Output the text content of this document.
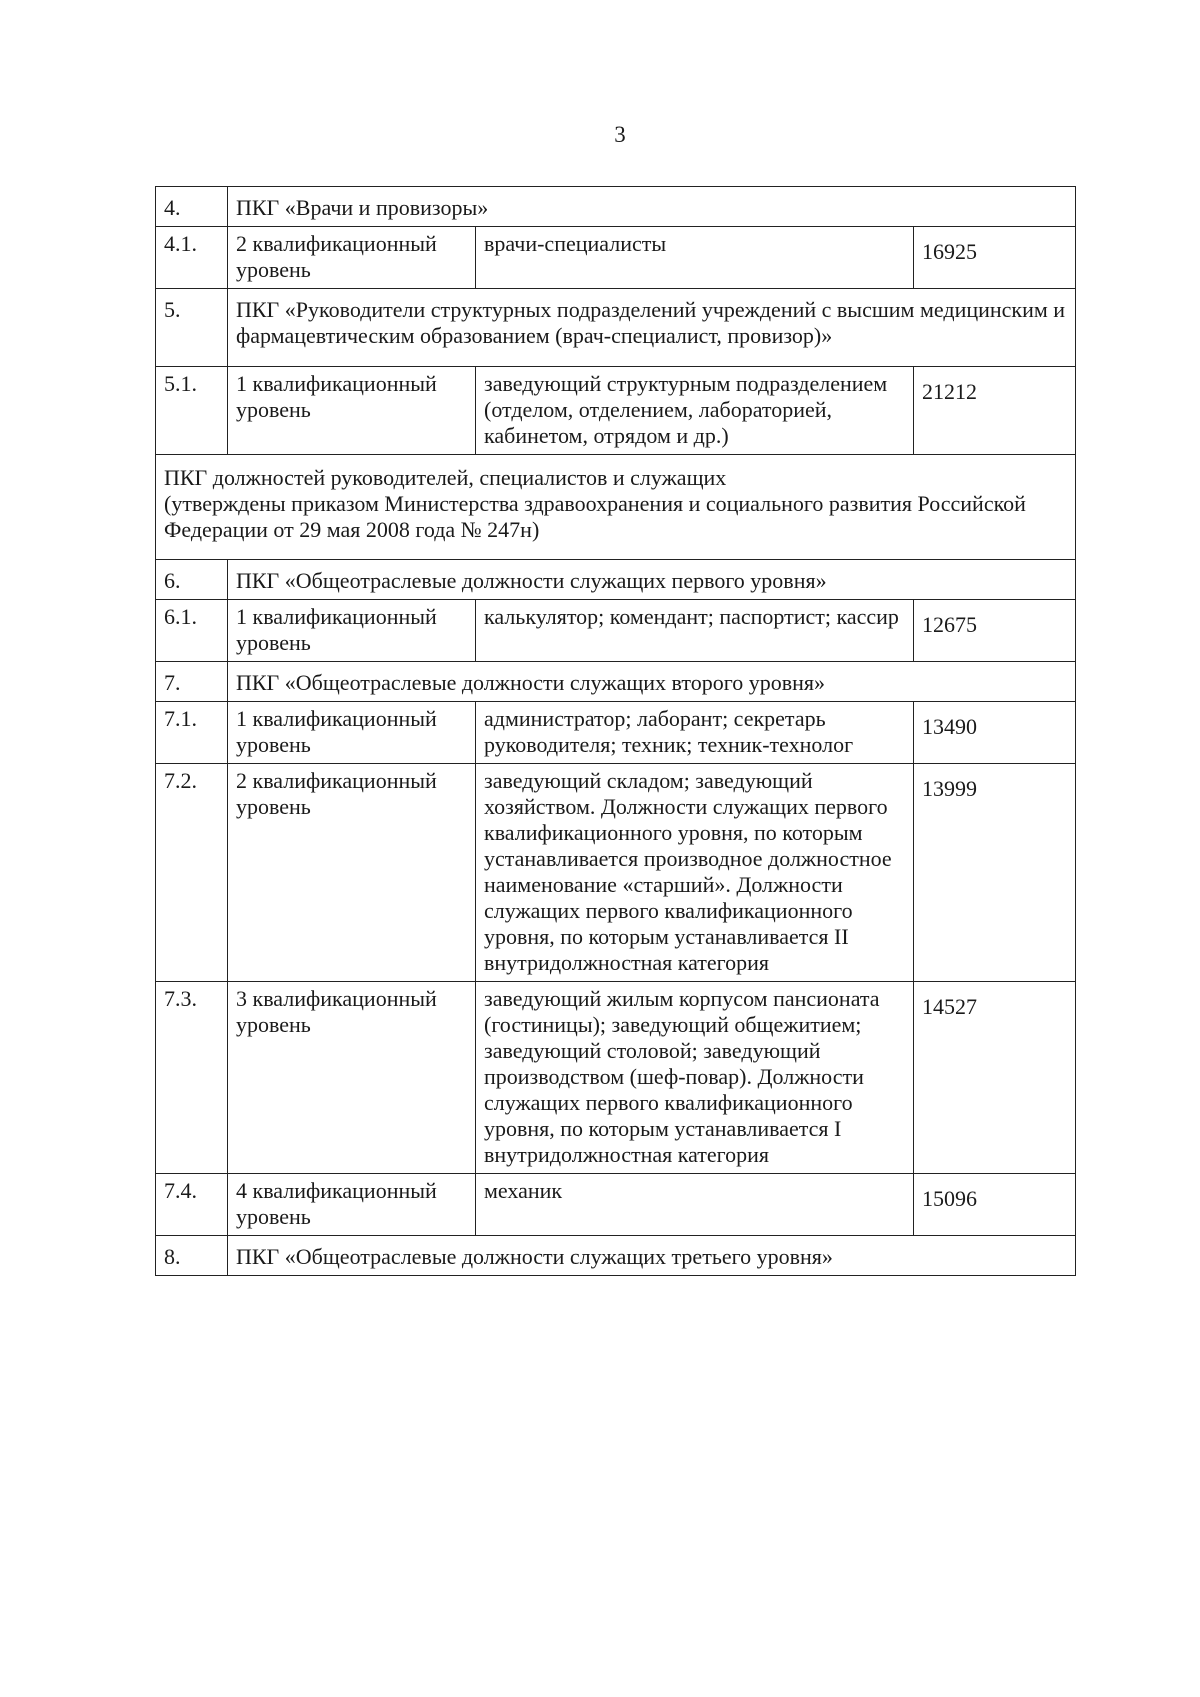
3
4.	ПКГ «Врачи и провизоры»		
4.1.	2 квалификационный уровень	врачи-специалисты	16925
5.	ПКГ «Руководители структурных подразделений учреждений с высшим медицинским и фармацевтическим образованием (врач-специалист, провизор)»		
5.1.	1 квалификационный уровень	заведующий структурным подразделением (отделом, отделением, лабораторией, кабинетом, отрядом и др.)	21212

ПКГ должностей руководителей, специалистов и служащих
(утверждены приказом Министерства здравоохранения и социального развития Российской Федерации от 29 мая 2008 года № 247н)			

6.	ПКГ «Общеотраслевые должности служащих первого уровня»		
6.1.	1 квалификационный уровень	калькулятор; комендант; паспортист; кассир	12675
7.	ПКГ «Общеотраслевые должности служащих второго уровня»		
7.1.	1 квалификационный уровень	администратор; лаборант; секретарь руководителя; техник; техник-технолог	13490
7.2.	2 квалификационный уровень	заведующий складом; заведующий хозяйством. Должности служащих первого квалификационного уровня, по которым устанавливается производное должностное наименование «старший». Должности служащих первого квалификационного уровня, по которым устанавливается II внутридолжностная категория	13999
7.3.	3 квалификационный уровень	заведующий жилым корпусом пансионата (гостиницы); заведующий общежитием; заведующий столовой; заведующий производством (шеф-повар). Должности служащих первого квалификационного уровня, по которым устанавливается I внутридолжностная категория	14527
7.4.	4 квалификационный уровень	механик	15096
8.	ПКГ «Общеотраслевые должности служащих третьего уровня»		
